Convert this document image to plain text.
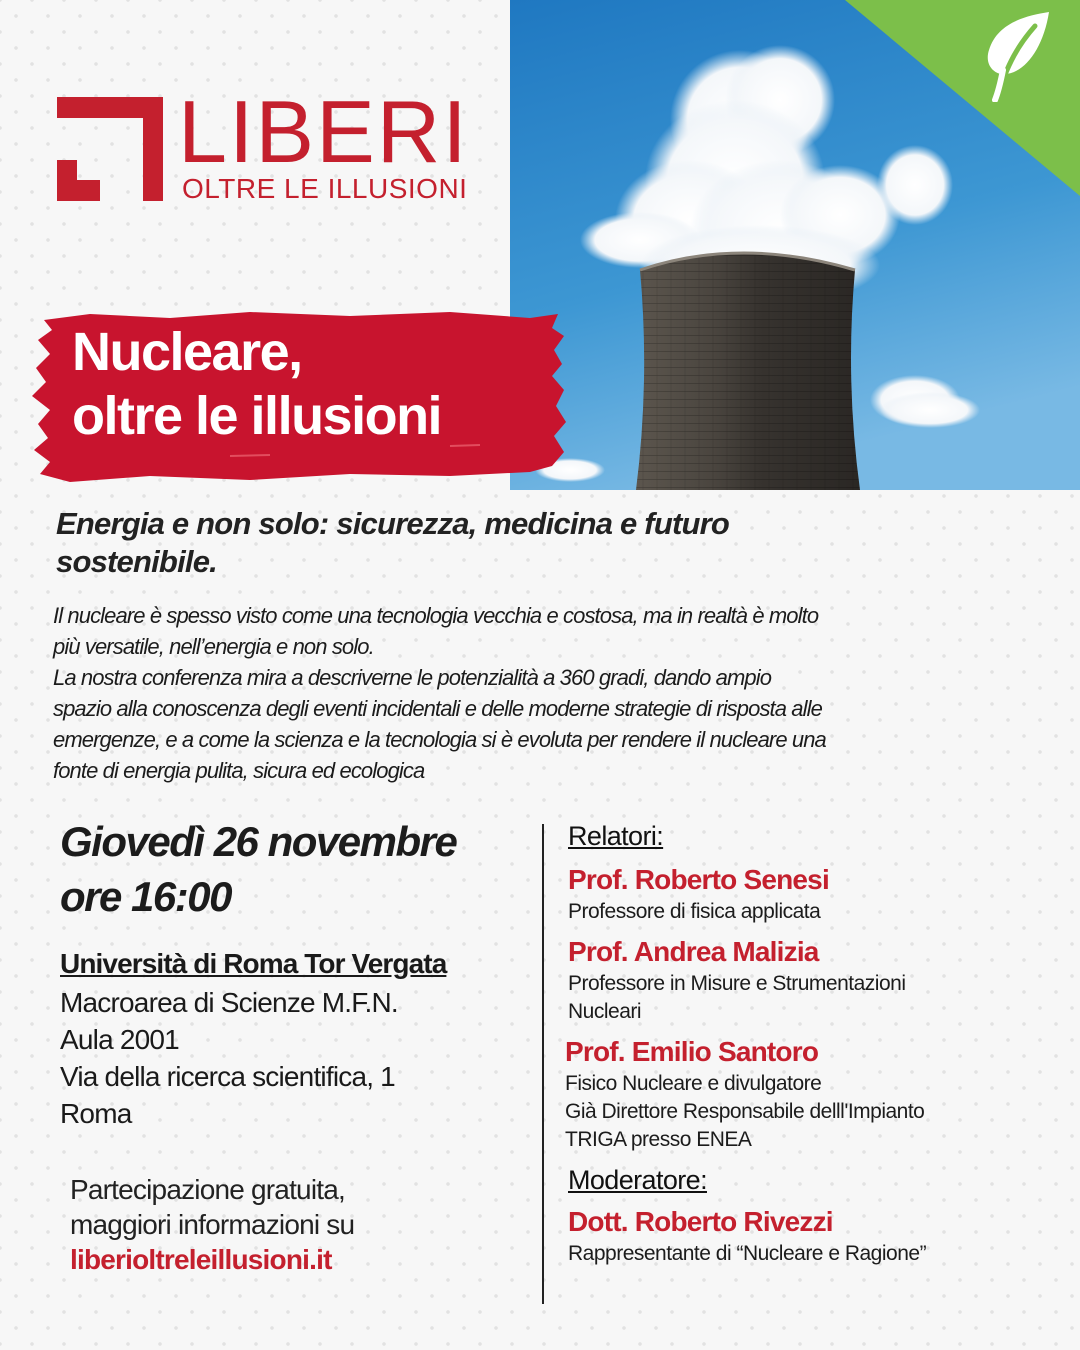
LIBERI
OLTRE LE ILLUSIONI
Nucleare,
oltre le illusioni
Energia e non solo: sicurezza, medicina e futuro
sostenibile.
Il nucleare è spesso visto come una tecnologia vecchia e costosa, ma in realtà è molto
più versatile, nell’energia e non solo.
La nostra conferenza mira a descriverne le potenzialità a 360 gradi, dando ampio
spazio alla conoscenza degli eventi incidentali e delle moderne strategie di risposta alle
emergenze, e a come la scienza e la tecnologia si è evoluta per rendere il nucleare una
fonte di energia pulita, sicura ed ecologica
Giovedì 26 novembre
ore 16:00
Università di Roma Tor Vergata
Macroarea di Scienze M.F.N.
Aula 2001
Via della ricerca scientifica, 1
Roma
Partecipazione gratuita,
maggiori informazioni su
liberioltreleillusioni.it
Relatori:
Prof. Roberto Senesi
Professore di fisica applicata
Prof. Andrea Malizia
Professore in Misure e Strumentazioni
Nucleari
Prof. Emilio Santoro
Fisico Nucleare e divulgatore
Già Direttore Responsabile delll'Impianto
TRIGA presso ENEA
Moderatore:
Dott. Roberto Rivezzi
Rappresentante di “Nucleare e Ragione”
